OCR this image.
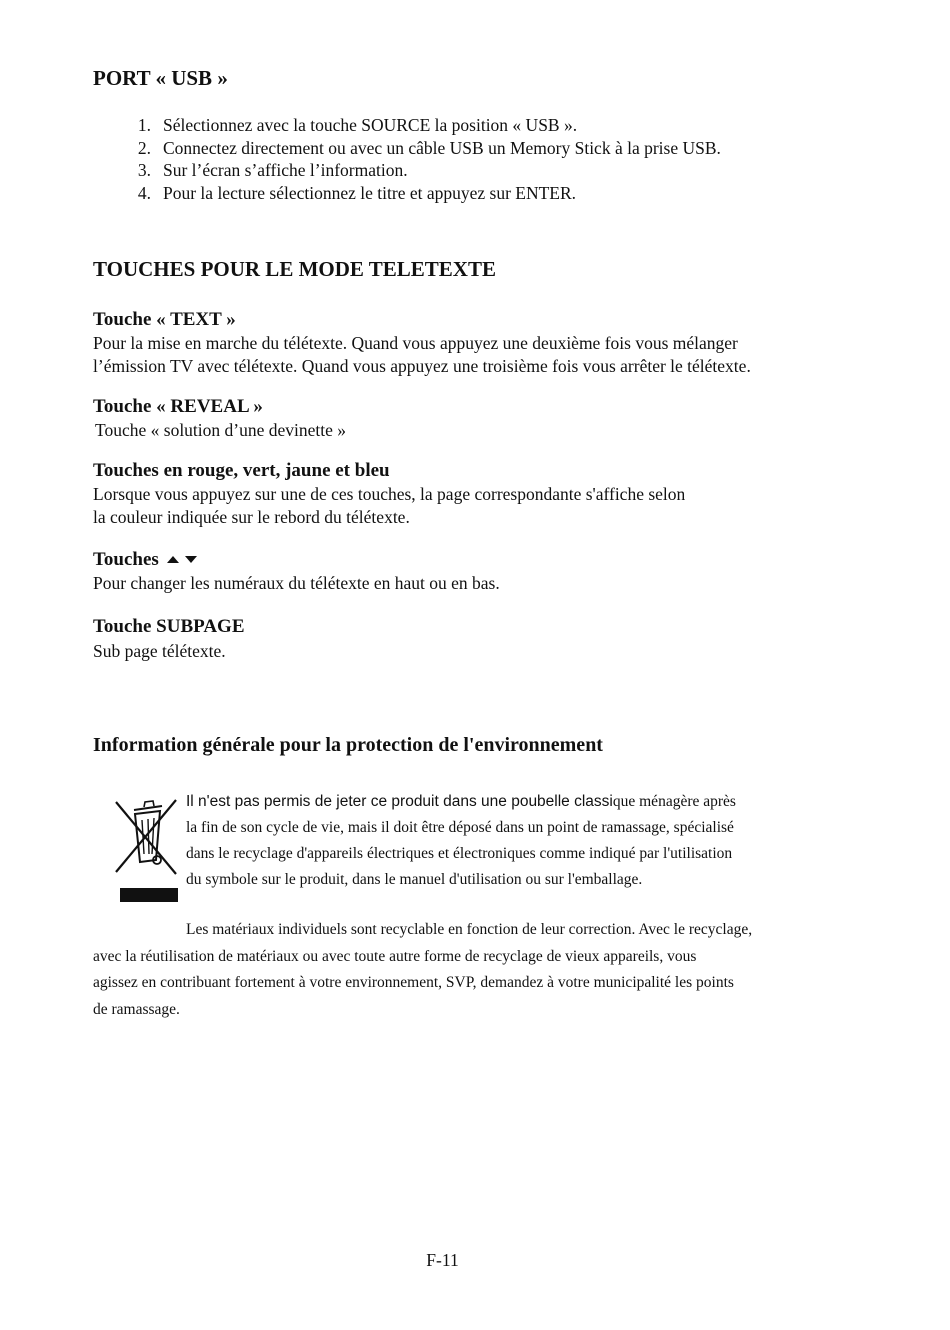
PORT « USB »
1. Sélectionnez avec la touche SOURCE la position « USB ».
2. Connectez directement ou avec un câble USB un Memory Stick à la prise USB.
3. Sur l’écran s’affiche l’information.
4. Pour la lecture sélectionnez le titre et appuyez sur ENTER.
TOUCHES POUR LE MODE TELETEXTE
Touche « TEXT »

Pour la mise en marche du télétexte. Quand vous appuyez une deuxième fois vous mélanger

l’émission TV avec télétexte. Quand vous appuyez une troisième fois vous arrêter le télétexte.

Touche « REVEAL »

Touche « solution d’une devinette »

Touches en rouge, vert, jaune et bleu

Lorsque vous appuyez sur une de ces touches, la page correspondante s'affiche selon

la couleur indiquée sur le rebord du télétexte.

Touches

Pour changer les numéraux du télétexte en haut ou en bas.

Touche SUBPAGE

Sub page télétexte.

Information générale pour la protection de l'environnement
Il n'est pas permis de jeter ce produit dans une poubelle classique ménagère après
la fin de son cycle de vie, mais il doit être déposé dans un point de ramassage, spécialisé
dans le recyclage d'appareils électriques et électroniques comme indiqué par l'utilisation
du symbole sur le produit, dans le manuel d'utilisation ou sur l'emballage.
Les matériaux individuels sont recyclable en fonction de leur correction. Avec le recyclage,
avec la réutilisation de matériaux ou avec toute autre forme de recyclage de vieux appareils, vous
agissez en contribuant fortement à votre environnement, SVP, demandez à votre municipalité les points
de ramassage.
F-11
